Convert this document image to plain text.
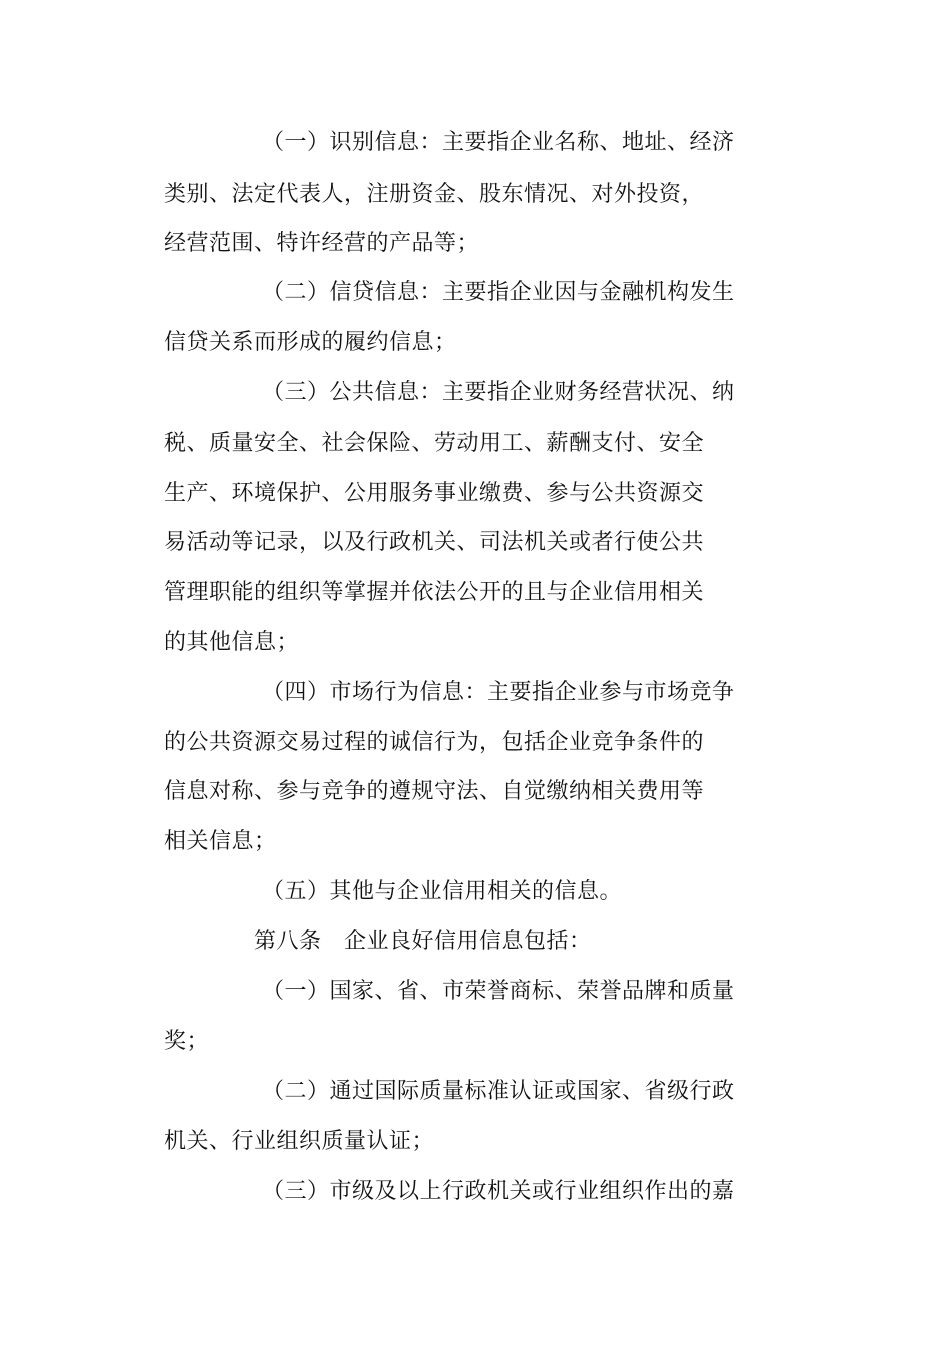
（一）识别信息：主要指企业名称、地址、经济
类别、法定代表人，注册资金、股东情况、对外投资，
经营范围、特许经营的产品等；
（二）信贷信息：主要指企业因与金融机构发生
信贷关系而形成的履约信息；
（三）公共信息：主要指企业财务经营状况、纳
税、质量安全、社会保险、劳动用工、薪酬支付、安全
生产、环境保护、公用服务事业缴费、参与公共资源交
易活动等记录，以及行政机关、司法机关或者行使公共
管理职能的组织等掌握并依法公开的且与企业信用相关
的其他信息；
（四）市场行为信息：主要指企业参与市场竞争
的公共资源交易过程的诚信行为，包括企业竞争条件的
信息对称、参与竞争的遵规守法、自觉缴纳相关费用等
相关信息；
（五）其他与企业信用相关的信息。
第八条　企业良好信用信息包括：
（一）国家、省、市荣誉商标、荣誉品牌和质量
奖；
（二）通过国际质量标准认证或国家、省级行政
机关、行业组织质量认证；
（三）市级及以上行政机关或行业组织作出的嘉
